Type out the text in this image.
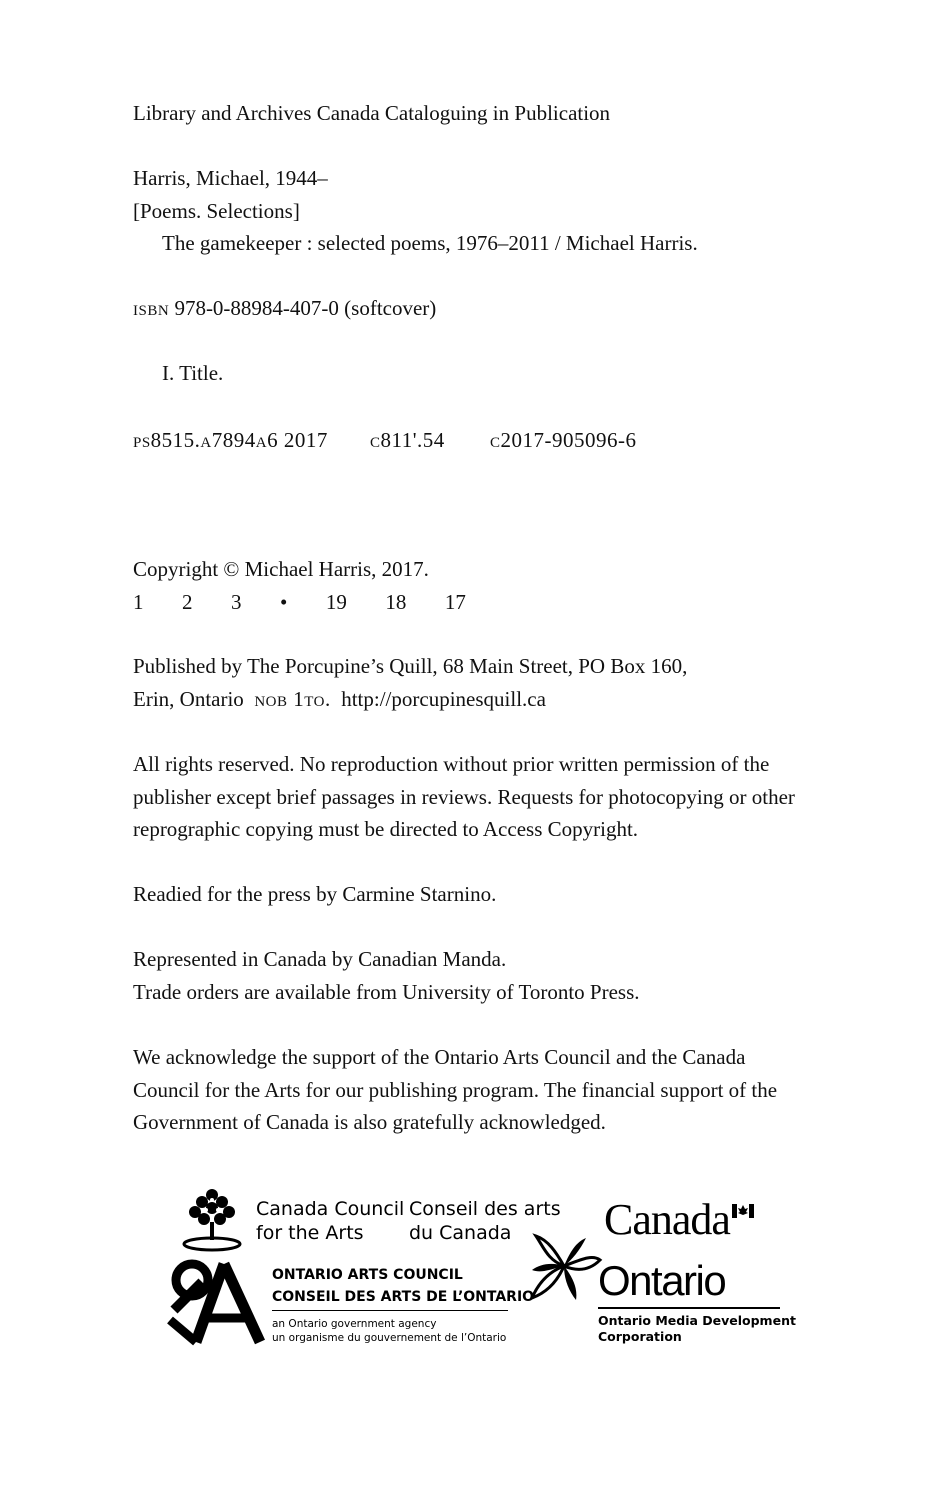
Library and Archives Canada Cataloguing in Publication
Harris, Michael, 1944–
[Poems. Selections]
The gamekeeper : selected poems, 1976–2011 / Michael Harris.
isbn 978-0-88984-407-0 (softcover)
I. Title.
ps8515.a7894a6 2017 c811'.54 c2017-905096-6
Copyright © Michael Harris, 2017.
1  2  3  •  19  18  17
Published by The Porcupine’s Quill, 68 Main Street, PO Box 160,
Erin, Ontario nob 1to. http://porcupinesquill.ca
All rights reserved. No reproduction without prior written permission of the
publisher except brief passages in reviews. Requests for photocopying or other
reprographic copying must be directed to Access Copyright.
Readied for the press by Carmine Starnino.
Represented in Canada by Canadian Manda.
Trade orders are available from University of Toronto Press.
We acknowledge the support of the Ontario Arts Council and the Canada
Council for the Arts for our publishing program. The financial support of the
Government of Canada is also gratefully acknowledged.
Canada Council
for the Arts
Conseil des arts
du Canada
ONTARIO ARTS COUNCIL
CONSEIL DES ARTS DE L’ONTARIO
an Ontario government agency
un organisme du gouvernement de l’Ontario
Canada
Ontario
Ontario Media Development
Corporation
